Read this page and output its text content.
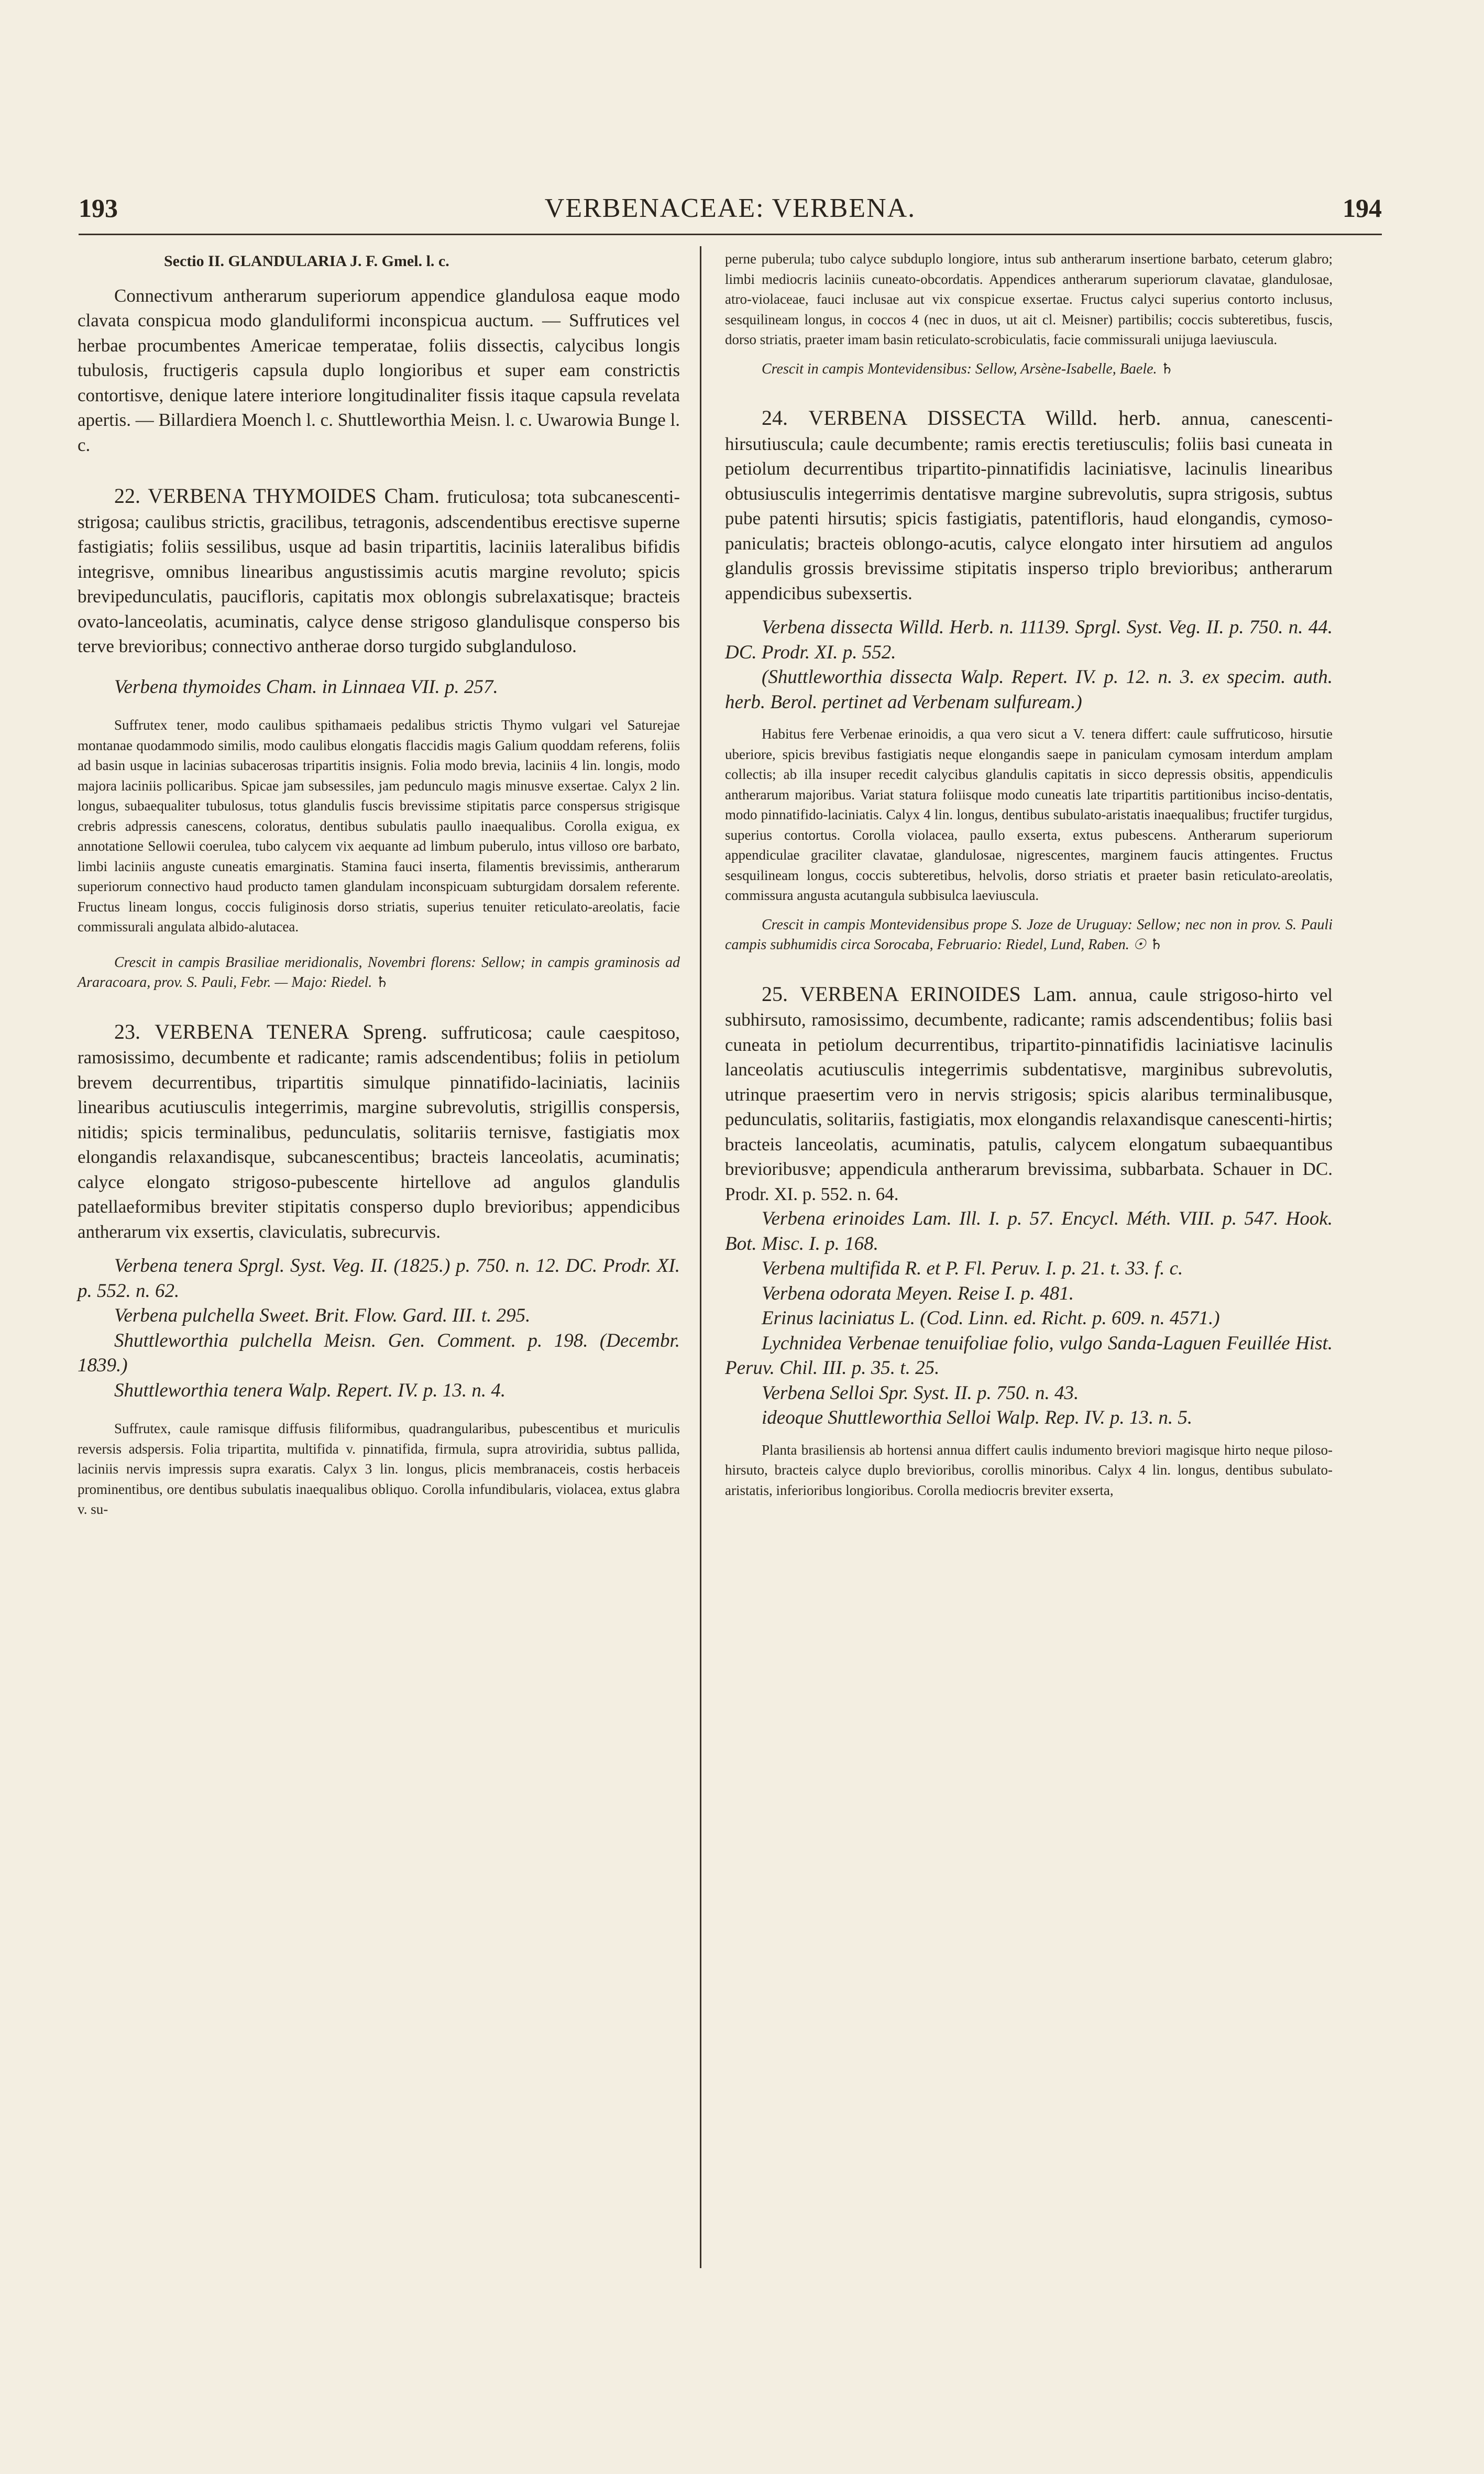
193	VERBENACEAE: VERBENA.	194

Sectio II. GLANDULARIA J. F. Gmel. l. c.

Connectivum antherarum superiorum appendice glandulosa eaque modo clavata conspicua modo glanduliformi inconspicua auctum. — Suffrutices vel herbae procumbentes Americae temperatae, foliis dissectis, calycibus longis tubulosis, fructigeris capsula duplo longioribus et super eam constrictis contortisve, denique latere interiore longitudinaliter fissis itaque capsula revelata apertis. — Billardiera Moench l. c. Shuttleworthia Meisn. l. c. Uwarowia Bunge l. c.

22. VERBENA THYMOIDES Cham. fruticulosa; tota subcanescenti-strigosa; caulibus strictis, gracilibus, tetragonis, adscendentibus erectisve superne fastigiatis; foliis sessilibus, usque ad basin tripartitis, laciniis lateralibus bifidis integrisve, omnibus linearibus angustissimis acutis margine revoluto; spicis brevipedunculatis, paucifloris, capitatis mox oblongis subrelaxatisque; bracteis ovato-lanceolatis, acuminatis, calyce dense strigoso glandulisque consperso bis terve brevioribus; connectivo antherae dorso turgido subglanduloso.

Verbena thymoides Cham. in Linnaea VII. p. 257.

Suffrutex tener, modo caulibus spithamaeis pedalibus strictis Thymo vulgari vel Saturejae montanae quodammodo similis, modo caulibus elongatis flaccidis magis Galium quoddam referens, foliis ad basin usque in lacinias subacerosas tripartitis insignis. Folia modo brevia, laciniis 4 lin. longis, modo majora laciniis pollicaribus. Spicae jam subsessiles, jam pedunculo magis minusve exsertae. Calyx 2 lin. longus, subaequaliter tubulosus, totus glandulis fuscis brevissime stipitatis parce conspersus strigisque crebris adpressis canescens, coloratus, dentibus subulatis paullo inaequalibus. Corolla exigua, ex annotatione Sellowii coerulea, tubo calycem vix aequante ad limbum puberulo, intus villoso ore barbato, limbi laciniis anguste cuneatis emarginatis. Stamina fauci inserta, filamentis brevissimis, antherarum superiorum connectivo haud producto tamen glandulam inconspicuam subturgidam dorsalem referente. Fructus lineam longus, coccis fuliginosis dorso striatis, superius tenuiter reticulato-areolatis, facie commissurali angulata albido-alutacea.

Crescit in campis Brasiliae meridionalis, Novembri florens: Sellow; in campis graminosis ad Araracoara, prov. S. Pauli, Febr. — Majo: Riedel. ♄

23. VERBENA TENERA Spreng. suffruticosa; caule caespitoso, ramosissimo, decumbente et radicante; ramis adscendentibus; foliis in petiolum brevem decurrentibus, tripartitis simulque pinnatifido-laciniatis, laciniis linearibus acutiusculis integerrimis, margine subrevolutis, strigillis conspersis, nitidis; spicis terminalibus, pedunculatis, solitariis ternisve, fastigiatis mox elongandis relaxandisque, subcanescentibus; bracteis lanceolatis, acuminatis; calyce elongato strigoso-pubescente hirtellove ad angulos glandulis patellaeformibus breviter stipitatis consperso duplo brevioribus; appendicibus antherarum vix exsertis, claviculatis, subrecurvis.

Verbena tenera Sprgl. Syst. Veg. II. (1825.) p. 750. n. 12. DC. Prodr. XI. p. 552. n. 62.

Verbena pulchella Sweet. Brit. Flow. Gard. III. t. 295.

Shuttleworthia pulchella Meisn. Gen. Comment. p. 198. (Decembr. 1839.)

Shuttleworthia tenera Walp. Repert. IV. p. 13. n. 4.

Suffrutex, caule ramisque diffusis filiformibus, quadrangularibus, pubescentibus et muriculis reversis adspersis. Folia tripartita, multifida v. pinnatifida, firmula, supra atroviridia, subtus pallida, laciniis nervis impressis supra exaratis. Calyx 3 lin. longus, plicis membranaceis, costis herbaceis prominentibus, ore dentibus subulatis inaequalibus obliquo. Corolla infundibularis, violacea, extus glabra v. su-

perne puberula; tubo calyce subduplo longiore, intus sub antherarum insertione barbato, ceterum glabro; limbi mediocris laciniis cuneato-obcordatis. Appendices antherarum superiorum clavatae, glandulosae, atro-violaceae, fauci inclusae aut vix conspicue exsertae. Fructus calyci superius contorto inclusus, sesquilineam longus, in coccos 4 (nec in duos, ut ait cl. Meisner) partibilis; coccis subteretibus, fuscis, dorso striatis, praeter imam basin reticulato-scrobiculatis, facie commissurali unijuga laeviuscula.

Crescit in campis Montevidensibus: Sellow, Arsène-Isabelle, Baele. ♄

24. VERBENA DISSECTA Willd. herb. annua, canescenti-hirsutiuscula; caule decumbente; ramis erectis teretiusculis; foliis basi cuneata in petiolum decurrentibus tripartito-pinnatifidis laciniatisve, lacinulis linearibus obtusiusculis integerrimis dentatisve margine subrevolutis, supra strigosis, subtus pube patenti hirsutis; spicis fastigiatis, patentifloris, haud elongandis, cymoso-paniculatis; bracteis oblongo-acutis, calyce elongato inter hirsutiem ad angulos glandulis grossis brevissime stipitatis insperso triplo brevioribus; antherarum appendicibus subexsertis.

Verbena dissecta Willd. Herb. n. 11139. Sprgl. Syst. Veg. II. p. 750. n. 44. DC. Prodr. XI. p. 552.

(Shuttleworthia dissecta Walp. Repert. IV. p. 12. n. 3. ex specim. auth. herb. Berol. pertinet ad Verbenam sulfuream.)

Habitus fere Verbenae erinoidis, a qua vero sicut a V. tenera differt: caule suffruticoso, hirsutie uberiore, spicis brevibus fastigiatis neque elongandis saepe in paniculam cymosam interdum amplam collectis; ab illa insuper recedit calycibus glandulis capitatis in sicco depressis obsitis, appendiculis antherarum majoribus. Variat statura foliisque modo cuneatis late tripartitis partitionibus inciso-dentatis, modo pinnatifido-laciniatis. Calyx 4 lin. longus, dentibus subulato-aristatis inaequalibus; fructifer turgidus, superius contortus. Corolla violacea, paullo exserta, extus pubescens. Antherarum superiorum appendiculae graciliter clavatae, glandulosae, nigrescentes, marginem faucis attingentes. Fructus sesquilineam longus, coccis subteretibus, helvolis, dorso striatis et praeter basin reticulato-areolatis, commissura angusta acutangula subbisulca laeviuscula.

Crescit in campis Montevidensibus prope S. Joze de Uruguay: Sellow; nec non in prov. S. Pauli campis subhumidis circa Sorocaba, Februario: Riedel, Lund, Raben. ☉ ♄

25. VERBENA ERINOIDES Lam. annua, caule strigoso-hirto vel subhirsuto, ramosissimo, decumbente, radicante; ramis adscendentibus; foliis basi cuneata in petiolum decurrentibus, tripartito-pinnatifidis laciniatisve lacinulis lanceolatis acutiusculis integerrimis subdentatisve, marginibus subrevolutis, utrinque praesertim vero in nervis strigosis; spicis alaribus terminalibusque, pedunculatis, solitariis, fastigiatis, mox elongandis relaxandisque canescenti-hirtis; bracteis lanceolatis, acuminatis, patulis, calycem elongatum subaequantibus brevioribusve; appendicula antherarum brevissima, subbarbata. Schauer in DC. Prodr. XI. p. 552. n. 64.

Verbena erinoides Lam. Ill. I. p. 57. Encycl. Méth. VIII. p. 547. Hook. Bot. Misc. I. p. 168.

Verbena multifida R. et P. Fl. Peruv. I. p. 21. t. 33. f. c.

Verbena odorata Meyen. Reise I. p. 481.

Erinus laciniatus L. (Cod. Linn. ed. Richt. p. 609. n. 4571.)

Lychnidea Verbenae tenuifoliae folio, vulgo Sanda-Laguen Feuillée Hist. Peruv. Chil. III. p. 35. t. 25.

Verbena Selloi Spr. Syst. II. p. 750. n. 43.

ideoque Shuttleworthia Selloi Walp. Rep. IV. p. 13. n. 5.

Planta brasiliensis ab hortensi annua differt caulis indumento breviori magisque hirto neque piloso-hirsuto, bracteis calyce duplo brevioribus, corollis minoribus. Calyx 4 lin. longus, dentibus subulato-aristatis, inferioribus longioribus. Corolla mediocris breviter exserta,
